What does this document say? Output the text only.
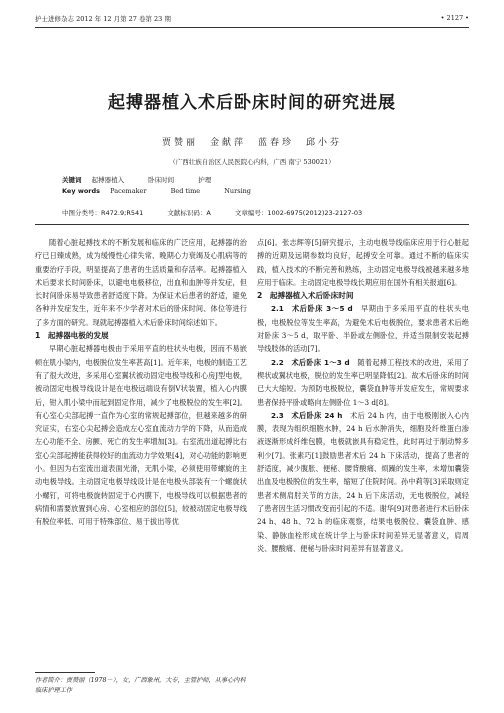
护士进修杂志 2012 年 12 月第 27 卷第 23 期	• 2127 •
起搏器植入术后卧床时间的研究进展
贾赞丽　金献萍　蓝春珍　邱小芬
（广西壮族自治区人民医院心内科，广西 南宁 530021）
关键词 起搏器植入	卧床时间	护理
Key words Pacemaker	Bed time	Nursing
中图分类号：R472.9;R541	文献标识码：A	文章编号：1002-6975(2012)23-2127-03

随着心脏起搏技术的不断发展和临床的广泛应用，起搏器的治疗已日臻成熟，成为缓慢性心律失常、晚期心力衰竭及心肌病等的重要治疗手段，明显提高了患者的生活质量和存活率。起搏器植入术后要求长时间卧床，以避电电极移位，出血和血肿等并发症，但长时间卧床易导致患者舒适度下降。为保证术后患者的舒适，避免各种并发症发生，近年来不少学者对术后的卧床时间、体位等进行了多方面的研究。现就起搏器植入术后卧床时间综述如下。

1　起搏器电极的发展

早期心脏起搏器电极由于采用平直的柱状头电极，因而不易嵌顿在肌小梁内，电极脱位发生率甚高[1]。近年来，电极的制造工艺有了很大改进，多采用心室翼状被动固定电极导线和心房J型电极，被动固定电极导线设计是在电极远端设有倒V状装置，植入心内膜后，钳入肌小梁中而起到固定作用，减少了电极脱位的发生率[2]。有心室心尖部起搏一直作为心室的常规起搏部位，但越来越多的研究证实，右室心尖起搏会造成左心室血流动力学的下降，从而造成左心功能不全、房颤、死亡的发生率增加[3]。右室流出道起搏比右室心尖部起搏能获得较好的血流动力学效果[4]，对心功能的影响更小。但因为右室流出道表面光滑，无肌小梁，必须使用带螺旋的主动电极导线。主动固定电极导线设计是在电极头部装有一个螺旋状小螺钉，可将电极旋转固定于心内膜下，电极导线可以根据患者的病情和需要放置到心房、心室相应的部位[5]，较被动固定电极导线有脱位率低、可用于特殊部位、易于拔出等优

点[6]。张志辉等[5]研究提示，主动电极导线临床应用于行心脏起搏的近期及远期参数均良好，起搏安全可靠。通过不断的临床实践，植入技术的不断完善和熟练，主动固定电极导线被越来越多地应用于临床。主动固定电极导线长期应用在国外有相关报道[6]。

2　起搏器植入术后卧床时间

2.1　术后卧床 3～5 d　 早期由于多采用平直的柱状头电极，电极脱位等发生率高，为避免术后电极脱位，要求患者术后绝对卧床 3～5 d，取平卧、半卧或左侧卧位，并适当限制安装起搏导线肢体的活动[7]。

2.2　术后卧床 1～3 d　 随着起搏工程技术的改进，采用了楔状或翼状电极，脱位的发生率已明显降低[2]。故术后卧床的时间已大大缩短。为预防电极脱位，囊袋血肿等并发症发生，常规要求患者保持平卧或略向左侧卧位 1～3 d[8]。

2.3　术后卧床 24 h　 术后 24 h 内，由于电极刚嵌入心内膜，表现为组织细胞水肿，24 h 后水肿消失，细胞及纤维蛋白渗液逐渐形成纤维包膜，电极就嵌具有稳定性，此时再过于制动弊多利少[7]。张素巧[1]鼓励患者术后 24 h 下床活动，提高了患者的舒适度，减少腹胀、便秘、腰背酸痛、烦躁的发生率，未增加囊袋出血及电极脱位的发生率，缩短了住院时间。孙中莉等[3]采取则定患者术侧肩肘关节的方法，24 h 后下床活动，无电极脱位，减轻了患者因生活习惯改变而引起的不适。谢华[9]对患者进行术后卧床 24 h、48 h、72 h 的临床观察，结果电极脱位、囊袋血肿、感染、静脉血栓形成在统计学上与卧床时间差异无显著意义，肩周炎、腰酸痛、便秘与卧床时间差异有显著意义。

作者简介：贾赞丽（1978－），女，广西象州，大专，主管护师，从事心内科临床护理工作
